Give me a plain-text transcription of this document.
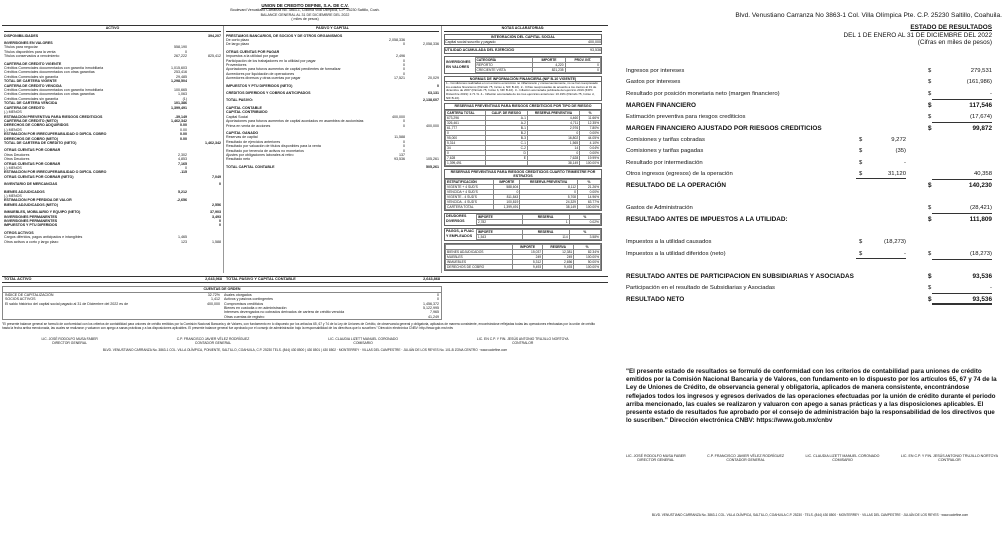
UNION DE CREDITO DEFINE, S.A. DE C.V.
Boulevard Venustiano Carranza No. 3863-1, Colonia Villa Olímpica, C.P. 25230 Saltillo, Coah.
BALANCE GENERAL AL 31 DE DICIEMBRE DEL 2022
( miles de pesos)
ACTIVO
DISPONIBILIDADES	394,207
INVERSIONES EN VALORES
Títulos para negociar	558,190
Títulos disponibles para la venta	0
Títulos conservados a vencimiento	267,222	825,412
CARTERA DE CRÉDITO VIGENTE
Créditos Comerciales documentados con garantía inmobiliaria	1,015,603
Créditos Comerciales documentados con otras garantías	253,416
Créditos Comerciales sin garantía	29,485
TOTAL DE CARTERA VIGENTE	1,298,504
CARTERA DE CRÉDITO VENCIDA
Créditos Comerciales documentados con garantía inmobiliaria	100,665
Créditos Comerciales documentados con otras garantías	1,063
Créditos Comerciales sin garantía	(1)
TOTAL DE CARTERA VENCIDA	101,386
CARTERA DE CRÉDITO	1,399,491
(-) MENOS
ESTIMACIÓN PREVENTIVA PARA RIESGOS CREDITICIOS	-39,149
CARTERA DE CRÉDITO (NETO)	1,462,342
DERECHOS DE COBRO ADQUIRIDOS	0.00
(-) MENOS	0.00
ESTIMACIÓN POR IRRECUPERABILIDAD O DIFÍCIL COBRO	0.00
DERECHOS DE COBRO (NETO)	0.00
TOTAL DE CARTERA DE CRÉDITO (NETO)	1,462,342
OTRAS CUENTAS POR COBRAR
Otros Deudores	2,302
Otros Deudores	4,853
OTRAS CUENTAS POR COBRAR	7,165
(-) MENOS	0
ESTIMACIÓN POR IRRECUPERABILIDAD O DIFÍCIL COBRO	-115
OTRAS CUENTAS POR COBRAR (NETO)	7,049
INVENTARIO DE MERCANCÍAS	0
BIENES ADJUDICADOS	5,212
(-) MENOS
ESTIMACIÓN POR PÉRDIDA DE VALOR	-2,656
BIENES ADJUDICADOS (NETO)	2,556
INMUEBLES, MOBILIARIO Y EQUIPO (NETO)	37,903
INVERSIONES PERMANENTES	3,493
INVERSIONES PERMANENTES	0
IMPUESTOS Y PTU DIFERIDOS	0
OTROS ACTIVOS
Cargos diferidos, pagos anticipados e intangibles	1,465
Otros activos a corto y largo plazo	123	1,588
PASIVO Y CAPITAL
PRÉSTAMOS BANCARIOS, DE SOCIOS Y DE OTROS ORGANISMOS
De corto plazo	2,058,336
De largo plazo	0	2,058,336
OTRAS CUENTAS POR PAGAR
Impuestos a la utilidad por pagar	2,496
Participación de los trabajadores en la utilidad por pagar	0
Proveedores	0
Aportaciones para futuros aumentos de capital pendientes de formalizar	0
Acreedores por liquidación de operaciones	0
Acreedores diversos y otras cuentas por pagar	17,521	20,029
IMPUESTOS Y PTU DIFERIDOS (NETO)	0
CRÉDITOS DIFERIDOS Y COBROS ANTICIPADOS	63,131
TOTAL PASIVO:	2,138,607
CAPITAL CONTABLE
CAPITAL CONTRIBUIDO
Capital Social	400,000
Aportaciones para futuros aumentos de capital acordados en asamblea de accionistas	0
Prima en venta de acciones	0	400,000
CAPITAL GANADO
Reservas de capital	11,588
Resultado de ejercicios anteriores	0
Resultado por valuación de títulos disponibles para la venta	0
Resultado por tenencia de activos no monetarios	0
Ajustes por obligaciones laborales al retiro	137
Resultado neto	93,536	105,261
TOTAL CAPITAL CONTABLE	505,261
NOTAS ACLARATORIAS:
INTEGRACIÓN DEL CAPITAL SOCIAL
Capital social suscrito y pagado	400,000
UTILIDAD ACUMULADA DEL EJERCICIO	93,536
INVERSIONES EN VALORES
CATEGORÍA	IMPORTE	PROV. INT.
REPORTO	4,220	0
CRECIENTE VISTA	821,235	0
NORMAS DE INFORMACIÓN FINANCIERA (NIF B-10 VIGENTE)
1.- Condiciones realizadas en un entorno económico no inflacionario y consecuentemente, no se han reexpresado los estados financieros (Párrafo 75, Inciso a, NIF B-10). 2.- Cifras reexpresadas de acuerdo a los cierres al 31 de diciembre de 2007 (Párrafo 75, Inciso b, NIF B-10). 3.- Inflación acumulada publicada del ejercicio 2019 (INPC Diciembre 2019): 2.71 %. 4.- Inflación acumulada de los tres ejercicios anteriores: 10.19% (Párrafo 75, Inciso d, NIF B-10).
RESERVAS PREVENTIVAS PARA RIESGOS CREDITICIOS POR TIPO DE RIESGO
CARTERA TOTAL	CALIF. DE RIESGO	RESERVA PREVENTIVA	%
673,296	A-1	4,460	11.66%
326,461	A-2	4,711	12.35%
61,777	B-1	2,976	7.80%
0	B-2	0	0.00%
95,000	B-3	16,802	44.05%
5,314	C-1	1,565	4.10%
34	C-2	14	0.04%
0	D	0	0.00%
7,628	E	7,628	19.99%
1,399,491		38,149	100.00%
RESERVAS PREVENTIVAS PARA RIESGOS CREDITICIOS CUARTO TRIMESTRE POR ESTRATOS
ESTRATIFICACIÓN	IMPORTE	RESERVA PREVENTIVA	%
VIGENTE + 4 SUD'S	588,604	8,112	21.26%
VENCIDA + 4 SUD'S	0	0	0.00%
VIGENTE - 4 SUD'S	811,843	5,708	14.96%
VENCIDA - 4 SUD'S	100,819	24,329	63.77%
CARTERA TOTAL	1,399,491	38,149	100.00%
DEUDORES DIVERSOS
IMPORTE	RESERVA	%
2,782	1	0.02%
PAGOS, A FUAC Y EMPLEADOS
IMPORTE	RESERVA	%
1,543	114	3.58%
	IMPORTE	RESERVA	%
BIENES ADJUDICADOS	15,037	12,381	82.34%
MUEBLES	249	249	100.00%
INMUEBLES	5,312	2,656	50.00%
DERECHOS DE COBRO	9,493	9,493	100.00%
TOTAL ACTIVO	2,643,968 TOTAL PASIVO Y CAPITAL CONTABLE	2,643,868
CUENTAS DE ORDEN
ÍNDICE DE CAPITALIZACIÓN	32.72%
SOCIOS ACTIVOS	1,412
El saldo histórico del capital social pagado al 31 de Diciembre del 2022 es de	400,000
Avales otorgados	0
Activos y pasivos contingentes	0
Compromisos crediticios	1,456,372
Bienes en custodia o en administración	5,122,995
Intereses devengados no cobrados derivados de cartera de crédito vencida	7,965
Otras cuentas de registro	41,249
"El presente balance general se formuló de conformidad con los criterios de contabilidad para uniones de crédito emitidos por la Comisión Nacional Bancaria y de Valores, con fundamento en lo dispuesto por los artículos 65, 67 y 74 de la Ley de Uniones de Crédito, de observancia general y obligatoria, aplicados de manera consistente, encontrándose reflejadas todas las operaciones efectuadas por la unión de crédito hasta la fecha arriba mencionada, las cuales se realizaron y valuaron con apego a sanas prácticas y a las disposiciones aplicables. El presente balance general fue aprobado por el consejo de administración bajo la responsabilidad de los directivos que lo suscriben." Dirección electrónica CNBV: http://www.gob.mx/cnbv
LIC. JOSÉ RODOLFO MUSA FABER
DIRECTOR GENERAL
C.P. FRANCISCO JAVIER VÉLEZ RODRÍGUEZ
CONTADOR GENERAL
LIC. CLAUDIA LIZETT MANUEL CORONADO
COMISARIO
LIC. EN C.P. Y FIN. JESÚS ANTONIO TRUJILLO NORTOYA
CONTRALOR
BLVD. VENUSTIANO CARRANZA No. 3863-1 COL. VILLA OLÍMPICA, PONIENTE, SALTILLO, COAHUILA, C.P. 25230 TELS. (844) 430 8500 | 430 8501 | 430 8502 · MONTERREY · VILLAS DEL CAMPESTRE · JULIÁN DE LOS REYES No. 101-B ZONA CENTRO · www.ucdefine.com
Blvd. Venustiano Carranza No 3863-1 Col. Villa Olímpica Pte. C.P. 25230 Saltillo, Coahuila.
ESTADO DE RESULTADOS
DEL 1 DE ENERO AL 31 DE DICIEMBRE DEL 2022
(Cifras en miles de pesos)
Ingresos por intereses	$	279,531
Gastos por intereses	$	(161,986)
Resultado por posición monetaria neto (margen financiero)	$	-
MARGEN FINANCIERO	$	117,546
Estimación preventiva para riesgos crediticios	$	(17,674)
MARGEN FINANCIERO AJUSTADO POR RIESGOS CREDITICIOS	$	99,872
Comisiones y tarifas cobradas	$	9,272
Comisiones y tarifas pagadas	$	(35)
Resultado por intermediación	$	-
Otros ingresos (egresos) de la operación	$	31,120	40,358
RESULTADO DE LA OPERACIÓN	$	140,230
Gastos de Administración	$	(28,421)
RESULTADO ANTES DE IMPUESTOS A LA UTILIDAD:	$	111,809
Impuestos a la utilidad causados	$	(18,273)
Impuestos a la utilidad diferidos (neto)	$	-	$	(18,273)
RESULTADO ANTES DE PARTICIPACION EN SUBSIDIARIAS Y ASOCIADAS	$	93,536
Participación en el resultado de Subsidiarias y Asociadas	$	-
RESULTADO NETO	$	93,536
"El presente estado de resultados se formuló de conformidad con los criterios de contabilidad para uniones de crédito emitidos por la Comisión Nacional Bancaria y de Valores, con fundamento en lo dispuesto por los artículos 65, 67 y 74 de la Ley de Uniones de Crédito, de observancia general y obligatoria, aplicados de manera consistente, encontrándose reflejados todos los ingresos y egresos derivados de las operaciones efectuadas por la unión de crédito durante el periodo arriba mencionado, las cuales se realizaron y valuaron con apego a sanas prácticas y a las disposiciones aplicables. El presente estado de resultados fue aprobado por el consejo de administración bajo la responsabilidad de los directivos que lo suscriben." Dirección electrónica CNBV: https://www.gob.mx/cnbv
LIC. JOSÉ RODOLFO MUSA FABER
DIRECTOR GENERAL
C.P. FRANCISCO JAVIER VÉLEZ RODRÍGUEZ
CONTADOR GENERAL
LIC. CLAUDIA LIZETT MANUEL CORONADO
COMISARIO
LIC. EN C.P. Y FIN. JESÚS ANTONIO TRUJILLO NORTOYA
CONTRALOR
BLVD. VENUSTIANO CARRANZA No. 3863-1 COL. VILLA OLÍMPICA, SALTILLO, COAHUILA C.P. 25230 · TELS. (844) 430 8500 · MONTERREY · VILLAS DEL CAMPESTRE · JULIÁN DE LOS REYES · www.ucdefine.com
